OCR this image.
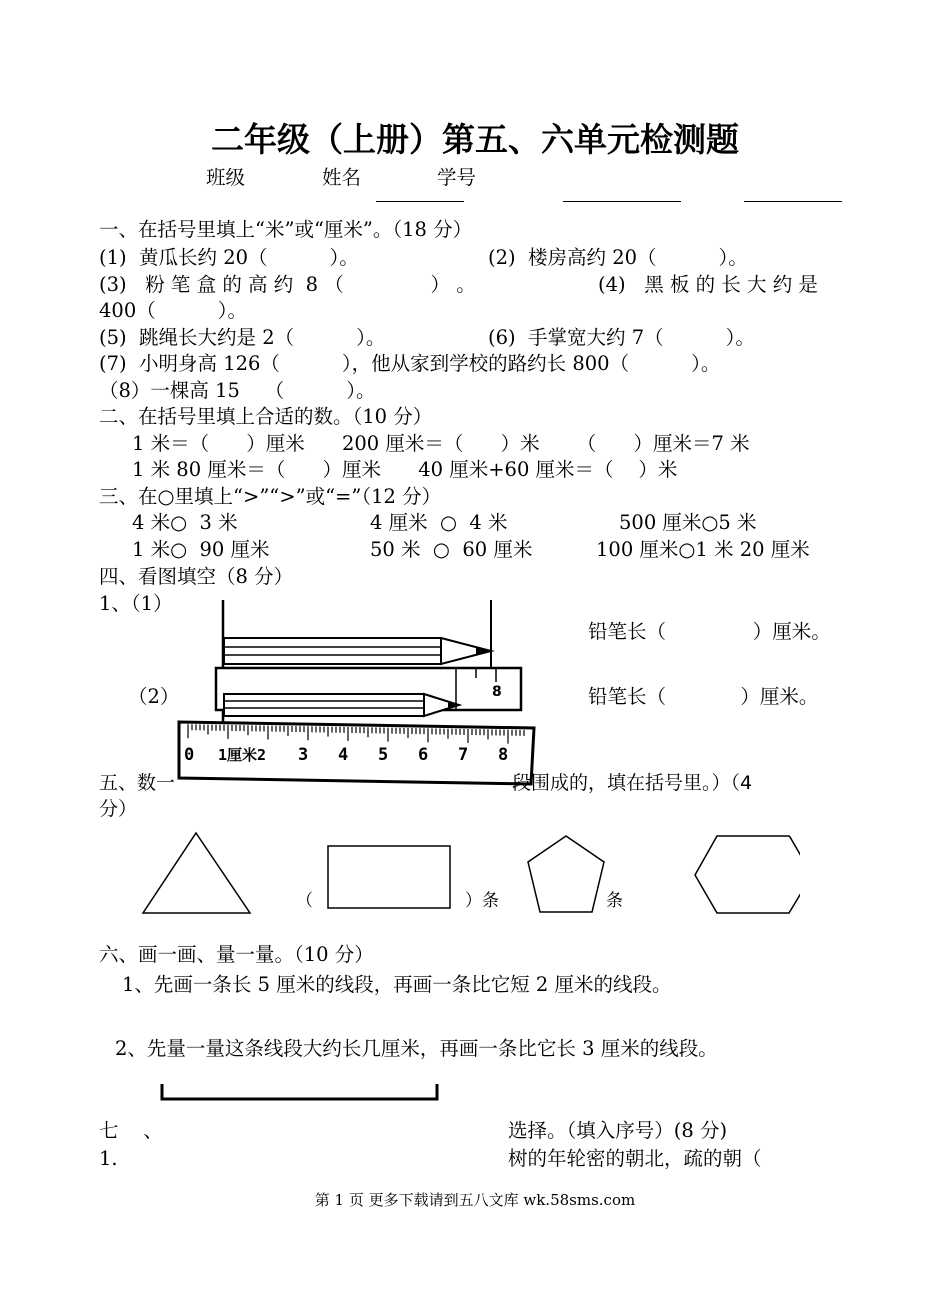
二年级（上册）第五、六单元检测题
班级	姓名	学号
一、在括号里填上“米”或“厘米”。（18 分）
(1)  黄瓜长约 20（          ）。	(2)  楼房高约 20（          ）。
(3)   粉 笔 盒 的 高 约  8 （              ） 。	(4)   黑 板 的 长 大 约 是
400（          ）。
(5)  跳绳长大约是 2（          ）。	(6)  手掌宽大约 7（          ）。
(7)  小明身高 126（          ），他从家到学校的路约长 800（          ）。
（8）一棵高 15    （          ）。
二、在括号里填上合适的数。（10 分）
1 米＝（      ）厘米      200 厘米＝（      ）米      （      ）厘米＝7 米
1 米 80 厘米＝（      ）厘米      40 厘米+60 厘米＝（    ）米
三、在○里填上“>”“>”或“=”（12 分）
4 米○  3 米	4 厘米  ○  4 米	500 厘米○5 米
1 米○  90 厘米	50 米  ○  60 厘米	100 厘米○1 米 20 厘米
四、看图填空（8 分）
1、（1）
（2）
铅笔长（              ）厘米。
铅笔长（            ）厘米。
8
0 1厘米2 3 4 5 6 7 8
五、数一	段围成的，填在括号里。）（4
分）
（	）条	条
六、画一画、量一量。（10 分）
1、先画一条长 5 厘米的线段，再画一条比它短 2 厘米的线段。
2、先量一量这条线段大约长几厘米，再画一条比它长 3 厘米的线段。
七    、	选择。（填入序号）(8 分)
1.	树的年轮密的朝北，疏的朝（
第 1 页 更多下载请到五八文库 wk.58sms.com
